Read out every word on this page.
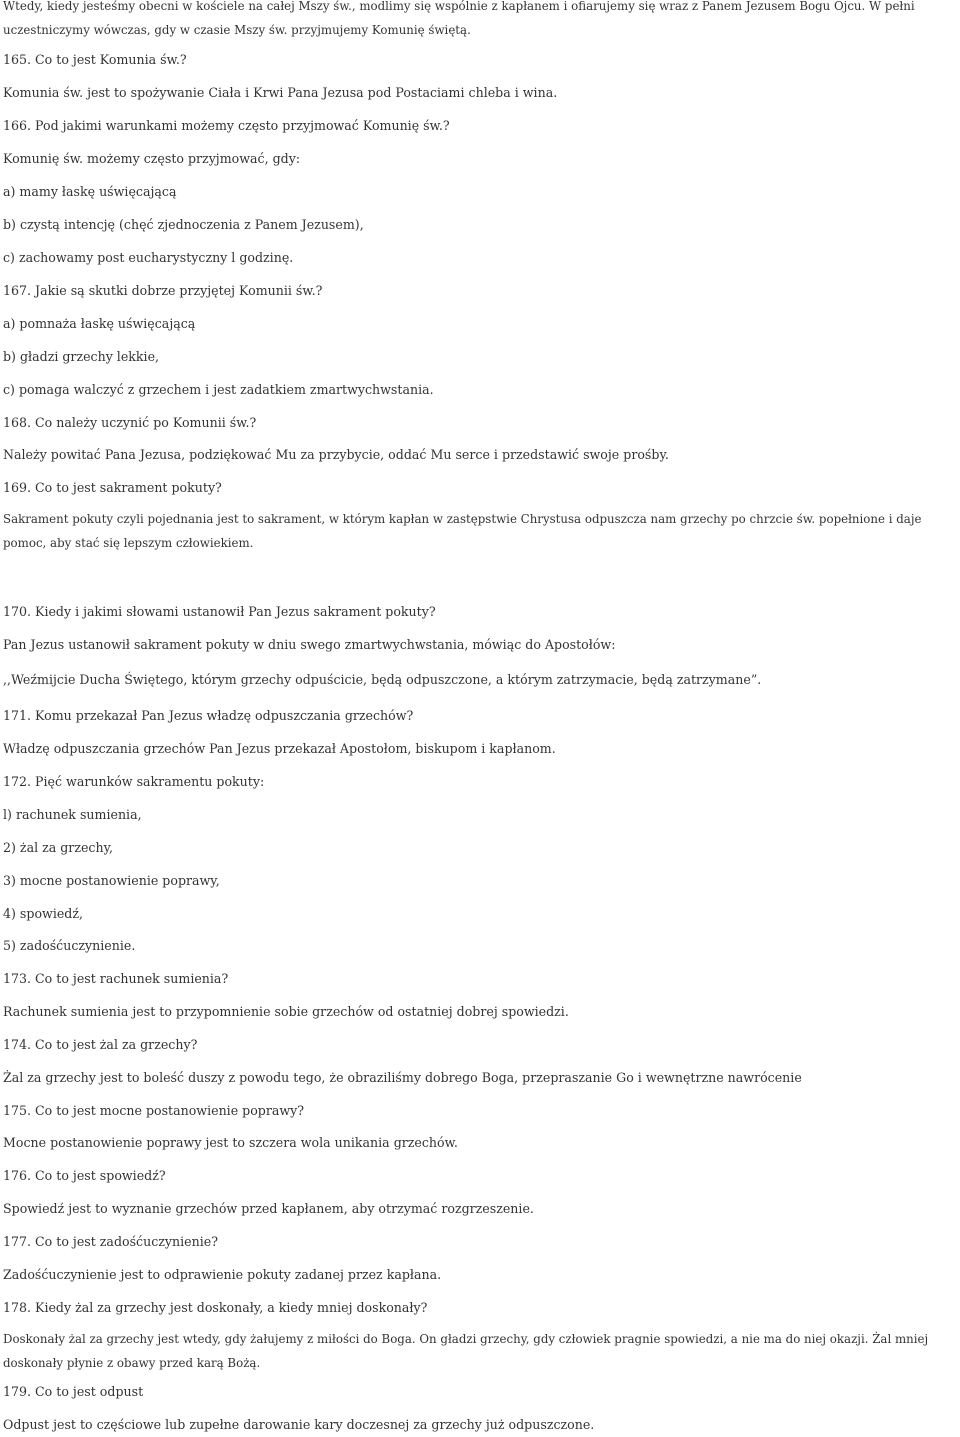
Wtedy, kiedy jesteśmy obecni w kościele na całej Mszy św., modlimy się wspólnie z kapłanem i ofiarujemy się wraz z Panem Jezusem Bogu Ojcu. W pełni uczestniczymy wówczas, gdy w czasie Mszy św. przyjmujemy Komunię świętą.
165. Co to jest Komunia św.?
Komunia św. jest to spożywanie Ciała i Krwi Pana Jezusa pod Postaciami chleba i wina.
166. Pod jakimi warunkami możemy często przyjmować Komunię św.?
Komunię św. możemy często przyjmować, gdy:
a) mamy łaskę uświęcającą
b) czystą intencję (chęć zjednoczenia z Panem Jezusem),
c) zachowamy post eucharystyczny l godzinę.
167. Jakie są skutki dobrze przyjętej Komunii św.?
a) pomnaża łaskę uświęcającą
b) gładzi grzechy lekkie,
c) pomaga walczyć z grzechem i jest zadatkiem zmartwychwstania.
168. Co należy uczynić po Komunii św.?
Należy powitać Pana Jezusa, podziękować Mu za przybycie, oddać Mu serce i przedstawić swoje prośby.
169. Co to jest sakrament pokuty?
Sakrament pokuty czyli pojednania jest to sakrament, w którym kapłan w zastępstwie Chrystusa odpuszcza nam grzechy po chrzcie św. popełnione i daje pomoc, aby stać się lepszym człowiekiem.
170. Kiedy i jakimi słowami ustanowił Pan Jezus sakrament pokuty?
Pan Jezus ustanowił sakrament pokuty w dniu swego zmartwychwstania, mówiąc do Apostołów:
,,Weźmijcie Ducha Świętego, którym grzechy odpuścicie, będą odpuszczone, a którym zatrzymacie, będą zatrzymane”.
171. Komu przekazał Pan Jezus władzę odpuszczania grzechów?
Władzę odpuszczania grzechów Pan Jezus przekazał Apostołom, biskupom i kapłanom.
172. Pięć warunków sakramentu pokuty:
l) rachunek sumienia,
2) żal za grzechy,
3) mocne postanowienie poprawy,
4) spowiedź,
5) zadośćuczynienie.
173. Co to jest rachunek sumienia?
Rachunek sumienia jest to przypomnienie sobie grzechów od ostatniej dobrej spowiedzi.
174. Co to jest żal za grzechy?
Żal za grzechy jest to boleść duszy z powodu tego, że obraziliśmy dobrego Boga, przepraszanie Go i wewnętrzne nawrócenie
175. Co to jest mocne postanowienie poprawy?
Mocne postanowienie poprawy jest to szczera wola unikania grzechów.
176. Co to jest spowiedź?
Spowiedź jest to wyznanie grzechów przed kapłanem, aby otrzymać rozgrzeszenie.
177. Co to jest zadośćuczynienie?
Zadośćuczynienie jest to odprawienie pokuty zadanej przez kapłana.
178. Kiedy żal za grzechy jest doskonały, a kiedy mniej doskonały?
Doskonały żal za grzechy jest wtedy, gdy żałujemy z miłości do Boga. On gładzi grzechy, gdy człowiek pragnie spowiedzi, a nie ma do niej okazji. Żal mniej doskonały płynie z obawy przed karą Bożą.
179. Co to jest odpust
Odpust jest to częściowe lub zupełne darowanie kary doczesnej za grzechy już odpuszczone.
